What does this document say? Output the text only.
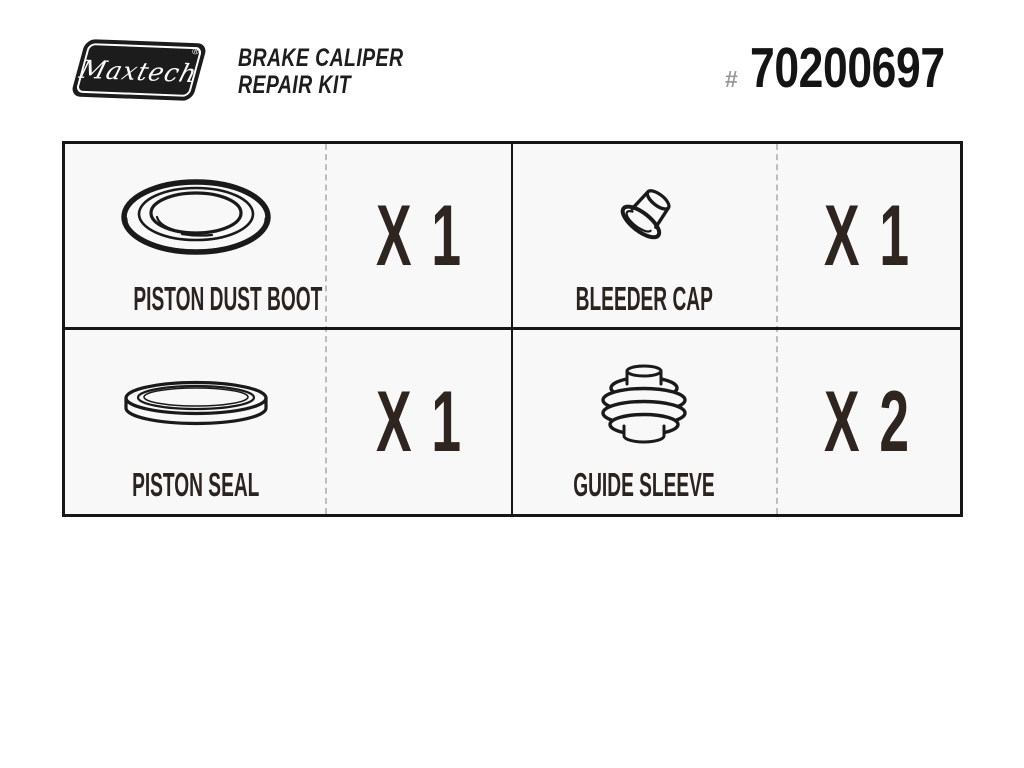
Maxtech
® BRAKE CALIPER
REPAIR KIT	# 70200697
PISTON DUST BOOT
X 1
BLEEDER CAP
X 1
PISTON SEAL
X 1
GUIDE SLEEVE
X 2
